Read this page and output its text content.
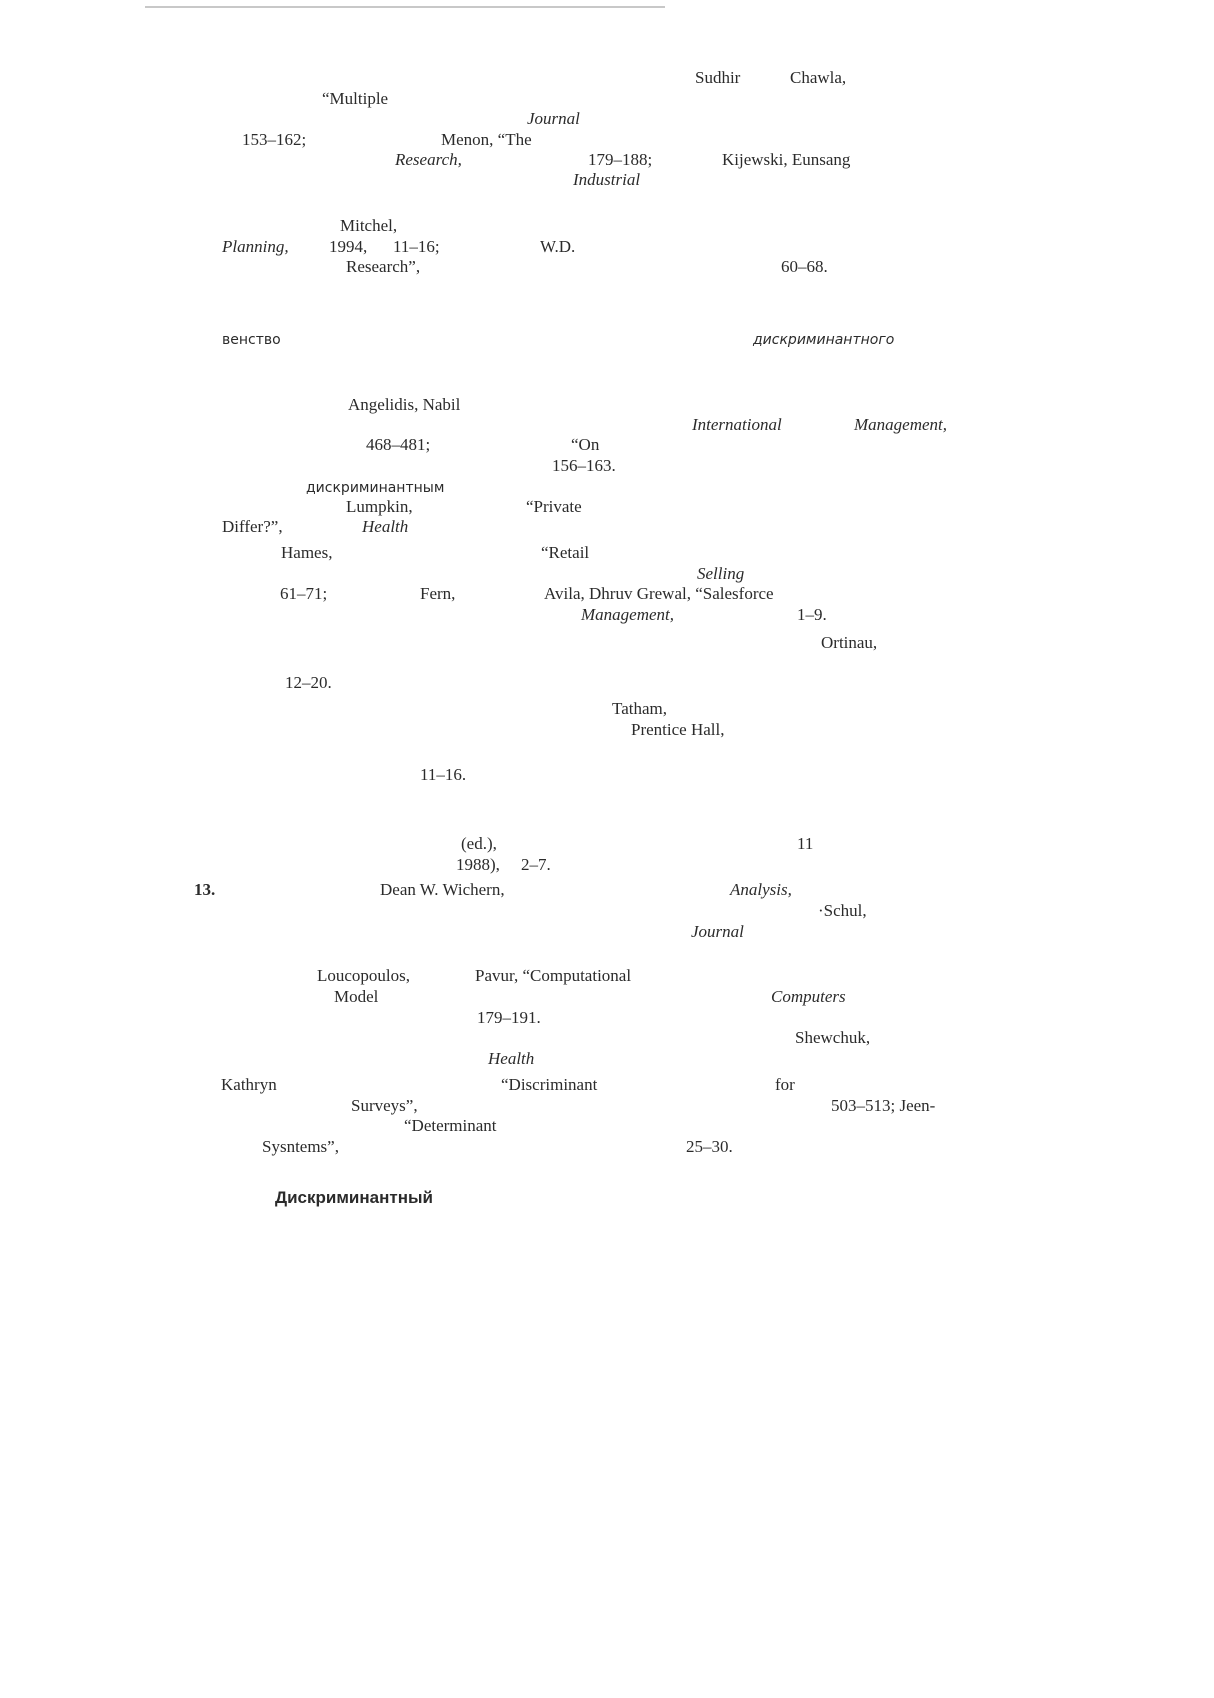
Sudhir	Chawla,
“Multiple
Journal
153–162;	Menon, “The
Research,	179–188;	Kijewski, Eunsang
Industrial
Mitchel,
Planning, 1994, 11–16;	W.D.
Research”,	60–68.
венство	дискриминантного
Angelidis, Nabil
International	Management,
468–481;	“On
156–163.
дискриминантным
Lumpkin,	“Private
Differ?”,	Health
Hames,	“Retail
Selling
61–71;	Fern,	Avila, Dhruv Grewal, “Salesforce
Management,	1–9.
Ortinau,
12–20.
Tatham,
Prentice Hall,
11–16.
(ed.),	11
1988), 2–7.
13.	Dean W. Wichern,	Analysis,
·Schul,
Journal
Loucopoulos,	Pavur, “Computational
Model	Computers
179–191.
Shewchuk,
Health
Kathryn	“Discriminant	for
Surveys”,	503–513; Jeen-
“Determinant
Sysntems”,	25–30.
Дискриминантный
